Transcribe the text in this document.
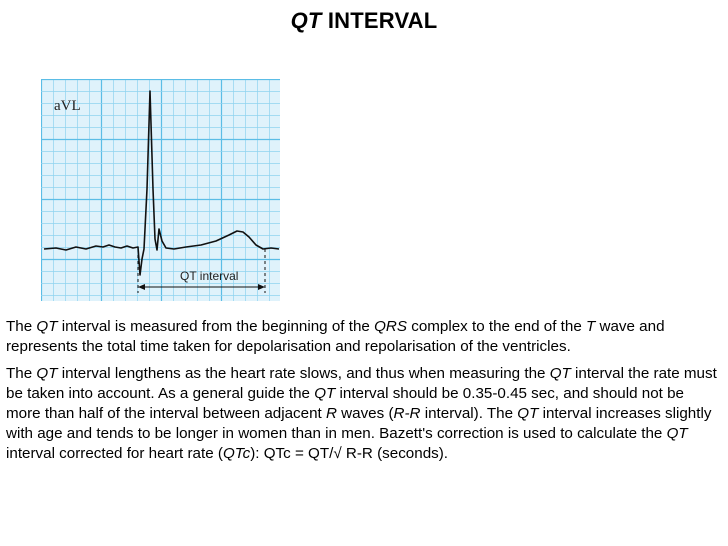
QT INTERVAL
aVL
QT interval

The QT interval is measured from the beginning of the QRS complex to the end of the T wave and represents the total time taken for depolarisation and repolarisation of the ventricles.

The QT interval lengthens as the heart rate slows, and thus when measuring the QT interval the rate must be taken into account. As a general guide the QT interval should be 0.35-0.45 sec, and should not be more than half of the interval between adjacent R waves (R-R interval). The QT interval increases slightly with age and tends to be longer in women than in men. Bazett's correction is used to calculate the QT interval corrected for heart rate (QTc): QTc = QT/√ R-R (seconds).
